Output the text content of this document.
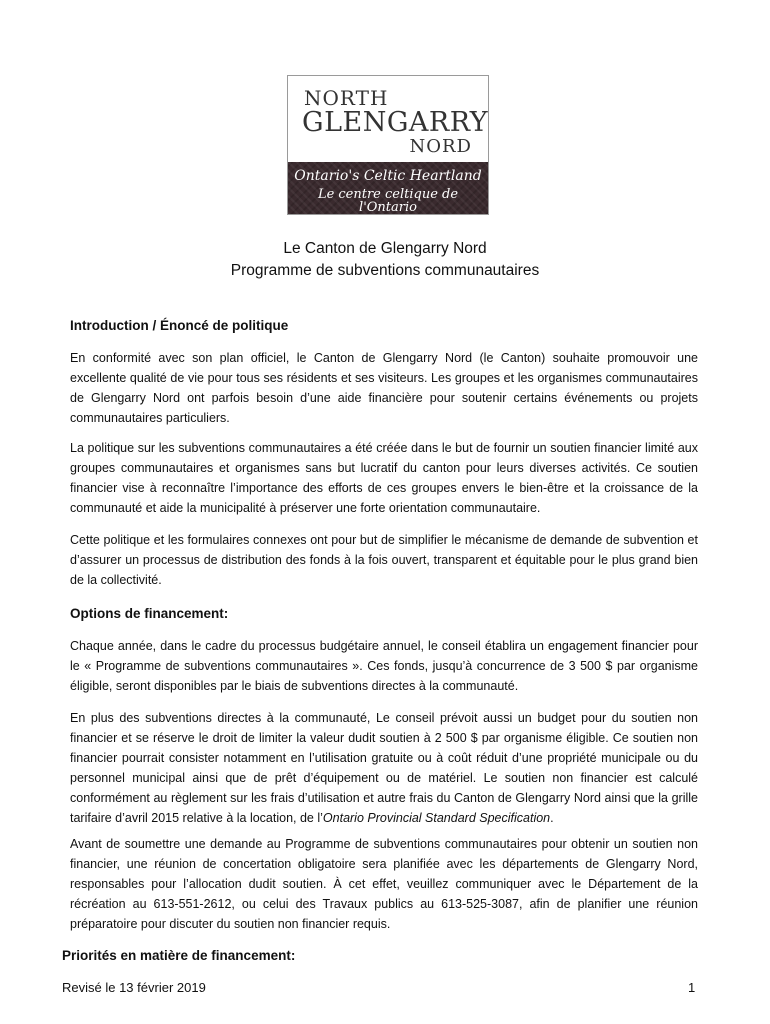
NORTH
GLENGARRY
NORD
Ontario's Celtic Heartland
Le centre celtique de l'Ontario
Le Canton de Glengarry Nord
Programme de subventions communautaires
Introduction / Énoncé de politique

En conformité avec son plan officiel, le Canton de Glengarry Nord (le Canton) souhaite promouvoir une excellente qualité de vie pour tous ses résidents et ses visiteurs. Les groupes et les organismes communautaires de Glengarry Nord ont parfois besoin d’une aide financière pour soutenir certains événements ou projets communautaires particuliers.

La politique sur les subventions communautaires a été créée dans le but de fournir un soutien financier limité aux groupes communautaires et organismes sans but lucratif du canton pour leurs diverses activités. Ce soutien financier vise à reconnaître l’importance des efforts de ces groupes envers le bien-être et la croissance de la communauté et aide la municipalité à préserver une forte orientation communautaire.

Cette politique et les formulaires connexes ont pour but de simplifier le mécanisme de demande de subvention et d’assurer un processus de distribution des fonds à la fois ouvert, transparent et équitable pour le plus grand bien de la collectivité.

Options de financement:

Chaque année, dans le cadre du processus budgétaire annuel, le conseil établira un engagement financier pour le « Programme de subventions communautaires ». Ces fonds, jusqu’à concurrence de 3 500 $ par organisme éligible, seront disponibles par le biais de subventions directes à la communauté.

En plus des subventions directes à la communauté, Le conseil prévoit aussi un budget pour du soutien non financier et se réserve le droit de limiter la valeur dudit soutien à 2 500 $ par organisme éligible. Ce soutien non financier pourrait consister notamment en l’utilisation gratuite ou à coût réduit d’une propriété municipale ou du personnel municipal ainsi que de prêt d’équipement ou de matériel. Le soutien non financier est calculé conformément au règlement sur les frais d’utilisation et autre frais du Canton de Glengarry Nord ainsi que la grille tarifaire d’avril 2015 relative à la location, de l’Ontario Provincial Standard Specification.

Avant de soumettre une demande au Programme de subventions communautaires pour obtenir un soutien non financier, une réunion de concertation obligatoire sera planifiée avec les départements de Glengarry Nord, responsables pour l’allocation dudit soutien. À cet effet, veuillez communiquer avec le Département de la récréation au 613-551-2612, ou celui des Travaux publics au 613-525-3087, afin de planifier une réunion préparatoire pour discuter du soutien non financier requis.

Priorités en matière de financement:
Revisé le 13 février 2019	1
